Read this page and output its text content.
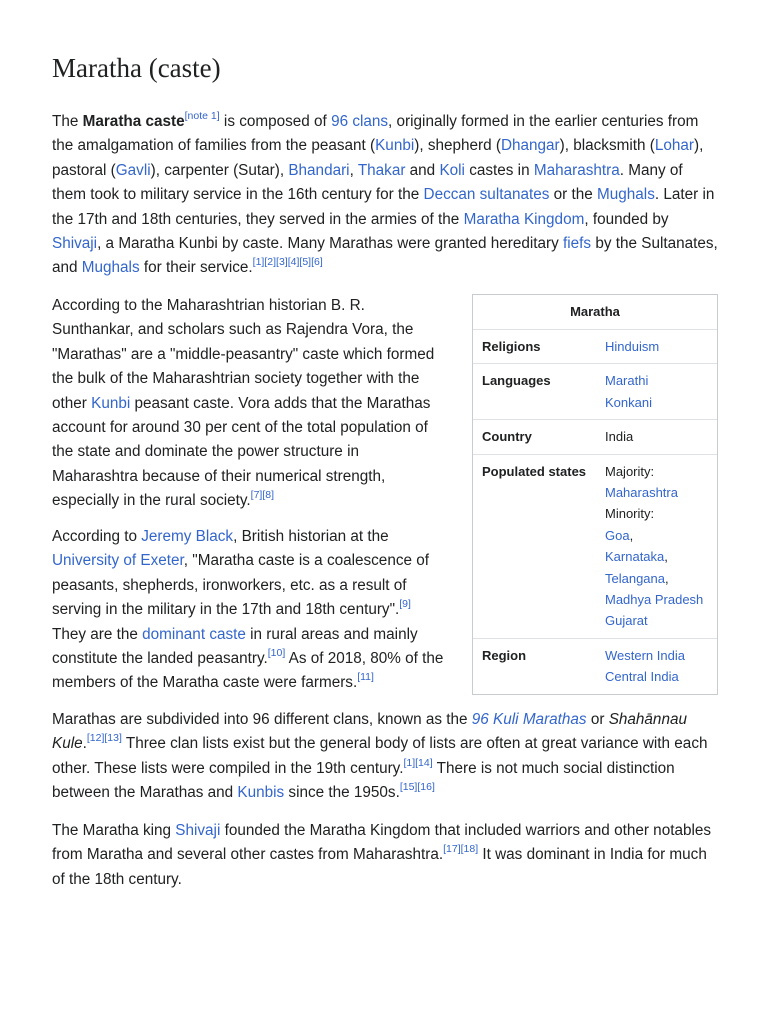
Maratha (caste)

The Maratha caste[note 1] is composed of 96 clans, originally formed in the earlier centuries from the amalgamation of families from the peasant (Kunbi), shepherd (Dhangar), blacksmith (Lohar), pastoral (Gavli), carpenter (Sutar), Bhandari, Thakar and Koli castes in Maharashtra. Many of them took to military service in the 16th century for the Deccan sultanates or the Mughals. Later in the 17th and 18th centuries, they served in the armies of the Maratha Kingdom, founded by Shivaji, a Maratha Kunbi by caste. Many Marathas were granted hereditary fiefs by the Sultanates, and Mughals for their service.[1][2][3][4][5][6]

According to the Maharashtrian historian B. R. Sunthankar, and scholars such as Rajendra Vora, the "Marathas" are a "middle-peasantry" caste which formed the bulk of the Maharashtrian society together with the other Kunbi peasant caste. Vora adds that the Marathas account for around 30 per cent of the total population of the state and dominate the power structure in Maharashtra because of their numerical strength, especially in the rural society.[7][8]

According to Jeremy Black, British historian at the University of Exeter, "Maratha caste is a coalescence of peasants, shepherds, ironworkers, etc. as a result of serving in the military in the 17th and 18th century".[9] They are the dominant caste in rural areas and mainly constitute the landed peasantry.[10] As of 2018, 80% of the members of the Maratha caste were farmers.[11]

Marathas are subdivided into 96 different clans, known as the 96 Kuli Marathas or Shahānnau Kule.[12][13] Three clan lists exist but the general body of lists are often at great variance with each other. These lists were compiled in the 19th century.[1][14] There is not much social distinction between the Marathas and Kunbis since the 1950s.[15][16]

The Maratha king Shivaji founded the Maratha Kingdom that included warriors and other notables from Maratha and several other castes from Maharashtra.[17][18] It was dominant in India for much of the 18th century.

Maratha
Religions	Hinduism
Languages	Marathi
Konkani
Country	India
Populated states	Majority:
Maharashtra
Minority:
Goa,
Karnataka,
Telangana,
Madhya Pradesh
Gujarat
Region	Western India
Central India
